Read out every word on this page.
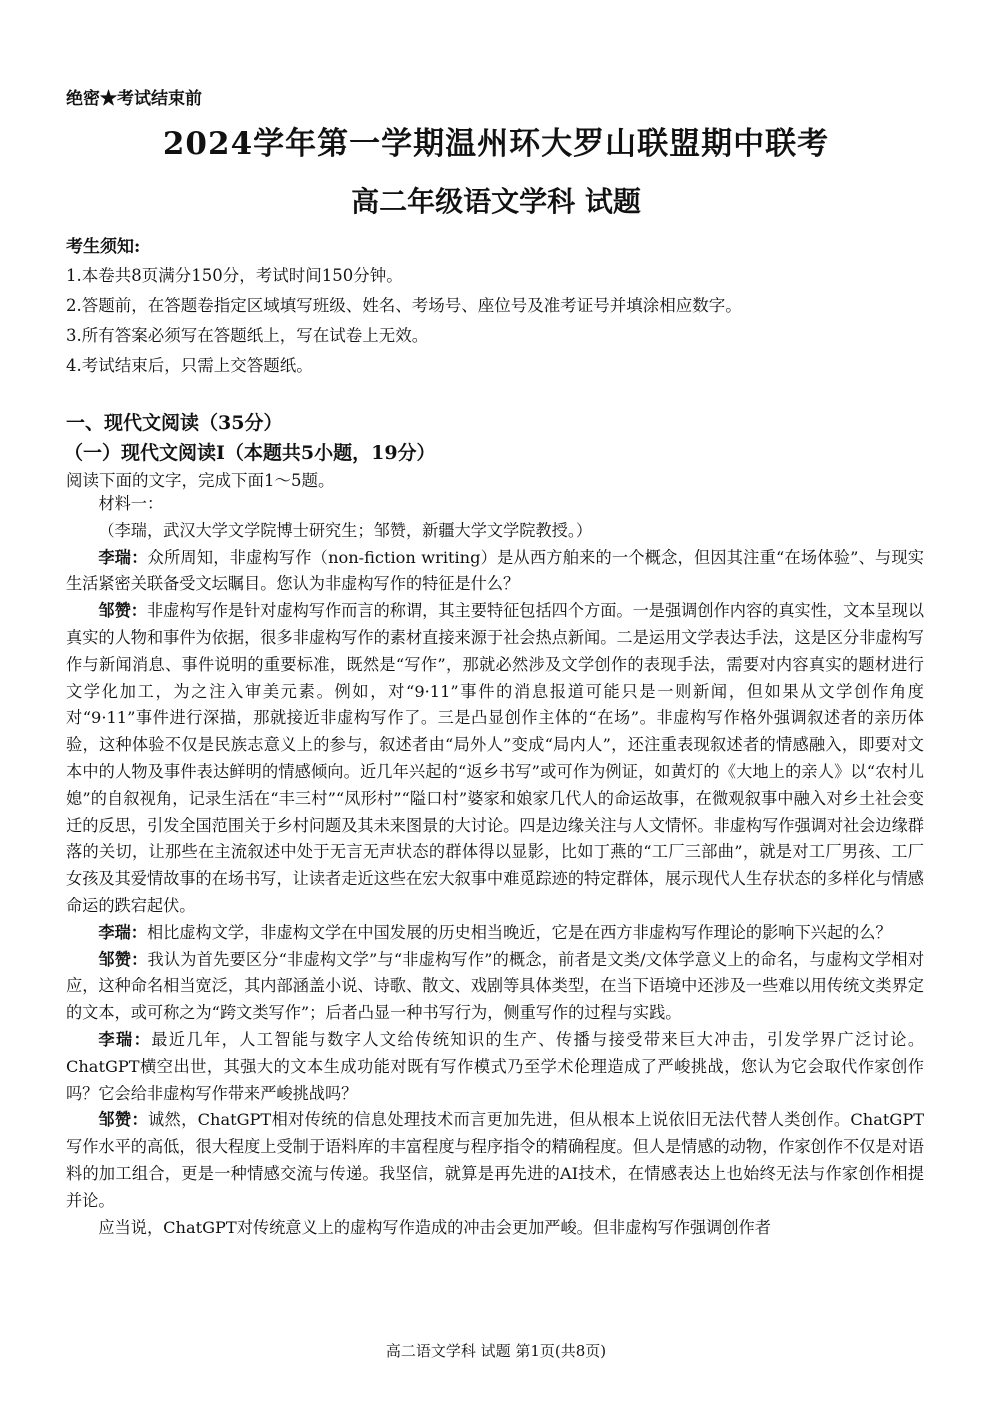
绝密★考试结束前
2024学年第一学期温州环大罗山联盟期中联考
高二年级语文学科 试题
考生须知:
1.本卷共8页满分150分，考试时间150分钟。
2.答题前，在答题卷指定区域填写班级、姓名、考场号、座位号及准考证号并填涂相应数字。
3.所有答案必须写在答题纸上，写在试卷上无效。
4.考试结束后，只需上交答题纸。
一、现代文阅读（35分）
（一）现代文阅读I（本题共5小题，19分）
阅读下面的文字，完成下面1～5题。

材料一：

（李瑞，武汉大学文学院博士研究生；邹赞，新疆大学文学院教授。）

李瑞：众所周知，非虚构写作（non-fiction writing）是从西方舶来的一个概念，但因其注重“在场体验”、与现实生活紧密关联备受文坛瞩目。您认为非虚构写作的特征是什么？

邹赞：非虚构写作是针对虚构写作而言的称谓，其主要特征包括四个方面。一是强调创作内容的真实性，文本呈现以真实的人物和事件为依据，很多非虚构写作的素材直接来源于社会热点新闻。二是运用文学表达手法，这是区分非虚构写作与新闻消息、事件说明的重要标准，既然是“写作”，那就必然涉及文学创作的表现手法，需要对内容真实的题材进行文学化加工，为之注入审美元素。例如，对“9·11”事件的消息报道可能只是一则新闻，但如果从文学创作角度对“9·11”事件进行深描，那就接近非虚构写作了。三是凸显创作主体的“在场”。非虚构写作格外强调叙述者的亲历体验，这种体验不仅是民族志意义上的参与，叙述者由“局外人”变成“局内人”，还注重表现叙述者的情感融入，即要对文本中的人物及事件表达鲜明的情感倾向。近几年兴起的“返乡书写”或可作为例证，如黄灯的《大地上的亲人》以“农村儿媳”的自叙视角，记录生活在“丰三村”“凤形村”“隘口村”婆家和娘家几代人的命运故事，在微观叙事中融入对乡土社会变迁的反思，引发全国范围关于乡村问题及其未来图景的大讨论。四是边缘关注与人文情怀。非虚构写作强调对社会边缘群落的关切，让那些在主流叙述中处于无言无声状态的群体得以显影，比如丁燕的“工厂三部曲”，就是对工厂男孩、工厂女孩及其爱情故事的在场书写，让读者走近这些在宏大叙事中难觅踪迹的特定群体，展示现代人生存状态的多样化与情感命运的跌宕起伏。

李瑞：相比虚构文学，非虚构文学在中国发展的历史相当晚近，它是在西方非虚构写作理论的影响下兴起的么？

邹赞：我认为首先要区分“非虚构文学”与“非虚构写作”的概念，前者是文类/文体学意义上的命名，与虚构文学相对应，这种命名相当宽泛，其内部涵盖小说、诗歌、散文、戏剧等具体类型，在当下语境中还涉及一些难以用传统文类界定的文本，或可称之为“跨文类写作”；后者凸显一种书写行为，侧重写作的过程与实践。

李瑞：最近几年，人工智能与数字人文给传统知识的生产、传播与接受带来巨大冲击，引发学界广泛讨论。ChatGPT横空出世，其强大的文本生成功能对既有写作模式乃至学术伦理造成了严峻挑战，您认为它会取代作家创作吗？它会给非虚构写作带来严峻挑战吗？

邹赞：诚然，ChatGPT相对传统的信息处理技术而言更加先进，但从根本上说依旧无法代替人类创作。ChatGPT写作水平的高低，很大程度上受制于语料库的丰富程度与程序指令的精确程度。但人是情感的动物，作家创作不仅是对语料的加工组合，更是一种情感交流与传递。我坚信，就算是再先进的AI技术，在情感表达上也始终无法与作家创作相提并论。

应当说，ChatGPT对传统意义上的虚构写作造成的冲击会更加严峻。但非虚构写作强调创作者

高二语文学科 试题 第1页(共8页)
